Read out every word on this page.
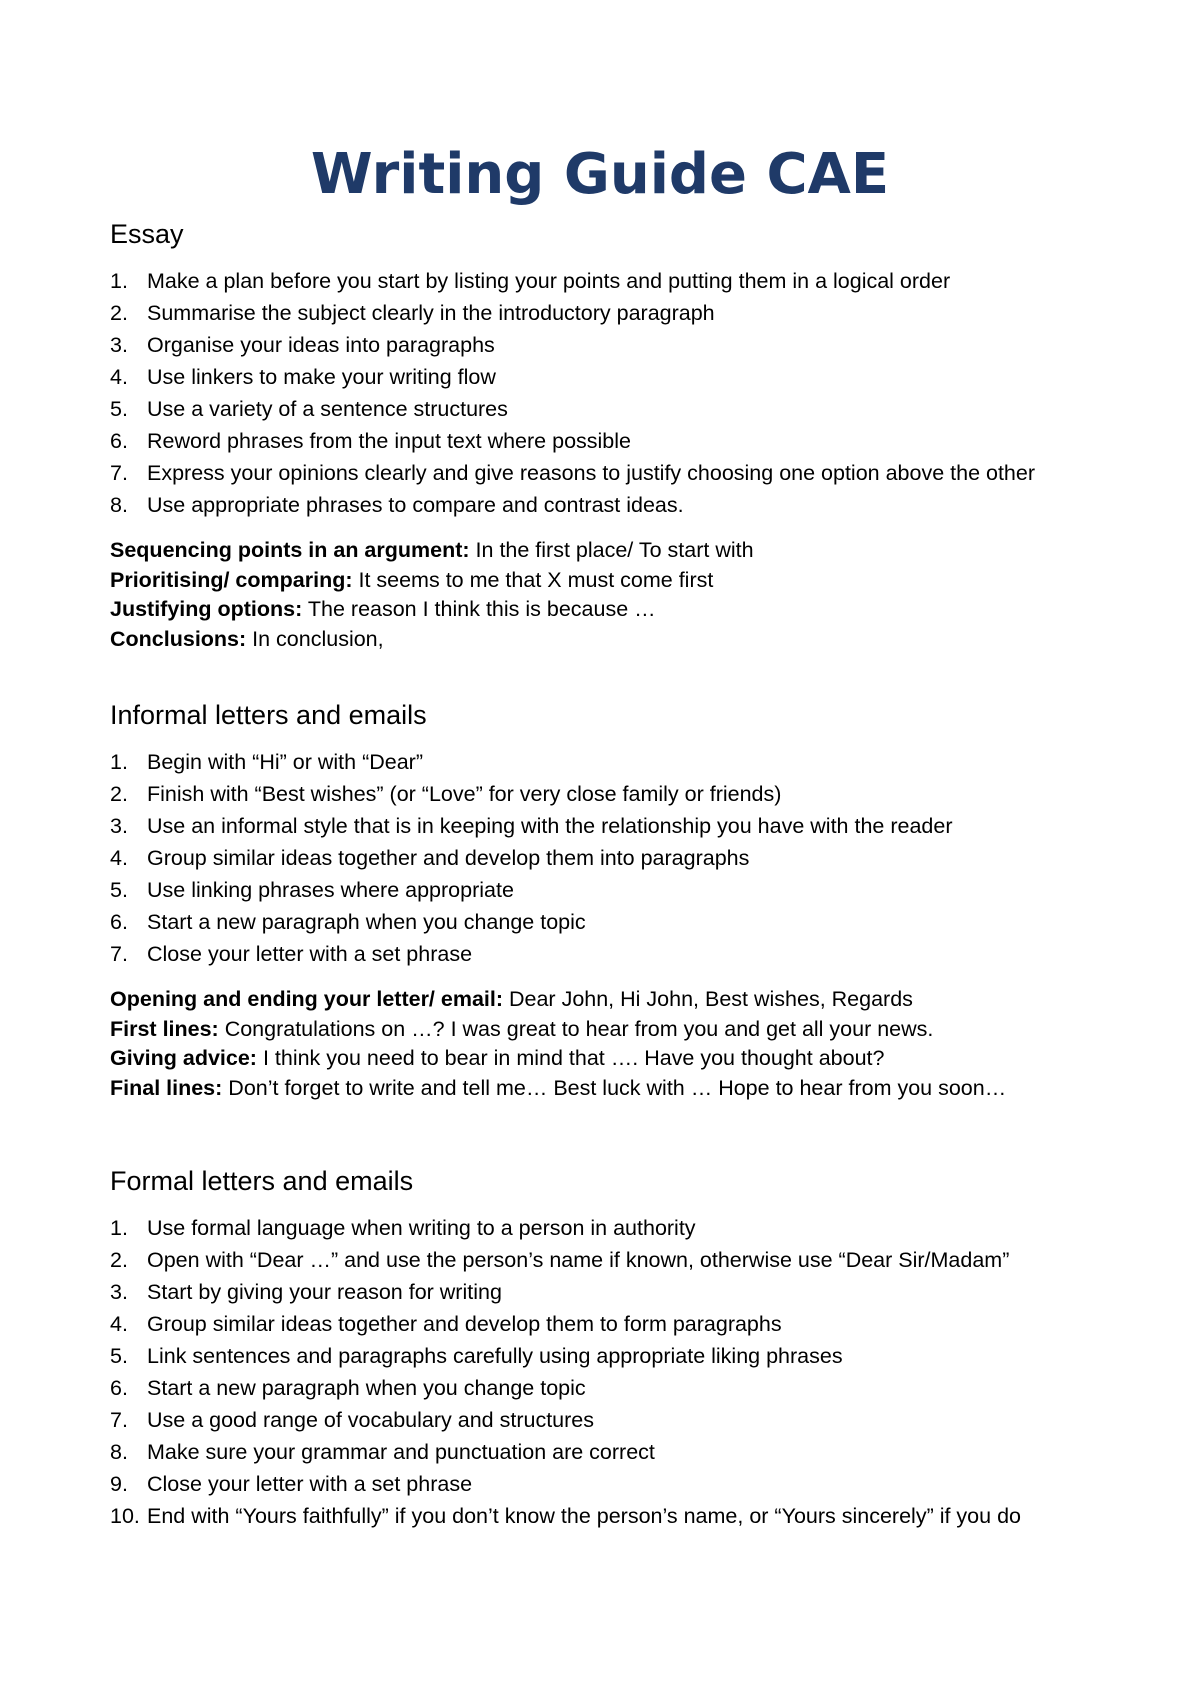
Writing Guide CAE
Essay
1. Make a plan before you start by listing your points and putting them in a logical order
2. Summarise the subject clearly in the introductory paragraph
3. Organise your ideas into paragraphs
4. Use linkers to make your writing flow
5. Use a variety of a sentence structures
6. Reword phrases from the input text where possible
7. Express your opinions clearly and give reasons to justify choosing one option above the other
8. Use appropriate phrases to compare and contrast ideas.

Sequencing points in an argument: In the first place/ To start with

Prioritising/ comparing: It seems to me that X must come first

Justifying options: The reason I think this is because …

Conclusions: In conclusion,

Informal letters and emails
1. Begin with “Hi” or with “Dear”
2. Finish with “Best wishes” (or “Love” for very close family or friends)
3. Use an informal style that is in keeping with the relationship you have with the reader
4. Group similar ideas together and develop them into paragraphs
5. Use linking phrases where appropriate
6. Start a new paragraph when you change topic
7. Close your letter with a set phrase

Opening and ending your letter/ email: Dear John, Hi John, Best wishes, Regards

First lines: Congratulations on …? I was great to hear from you and get all your news.

Giving advice: I think you need to bear in mind that …. Have you thought about?

Final lines: Don’t forget to write and tell me… Best luck with … Hope to hear from you soon…

Formal letters and emails
1. Use formal language when writing to a person in authority
2. Open with “Dear …” and use the person’s name if known, otherwise use “Dear Sir/Madam”
3. Start by giving your reason for writing
4. Group similar ideas together and develop them to form paragraphs
5. Link sentences and paragraphs carefully using appropriate liking phrases
6. Start a new paragraph when you change topic
7. Use a good range of vocabulary and structures
8. Make sure your grammar and punctuation are correct
9. Close your letter with a set phrase
10. End with “Yours faithfully” if you don’t know the person’s name, or “Yours sincerely” if you do
